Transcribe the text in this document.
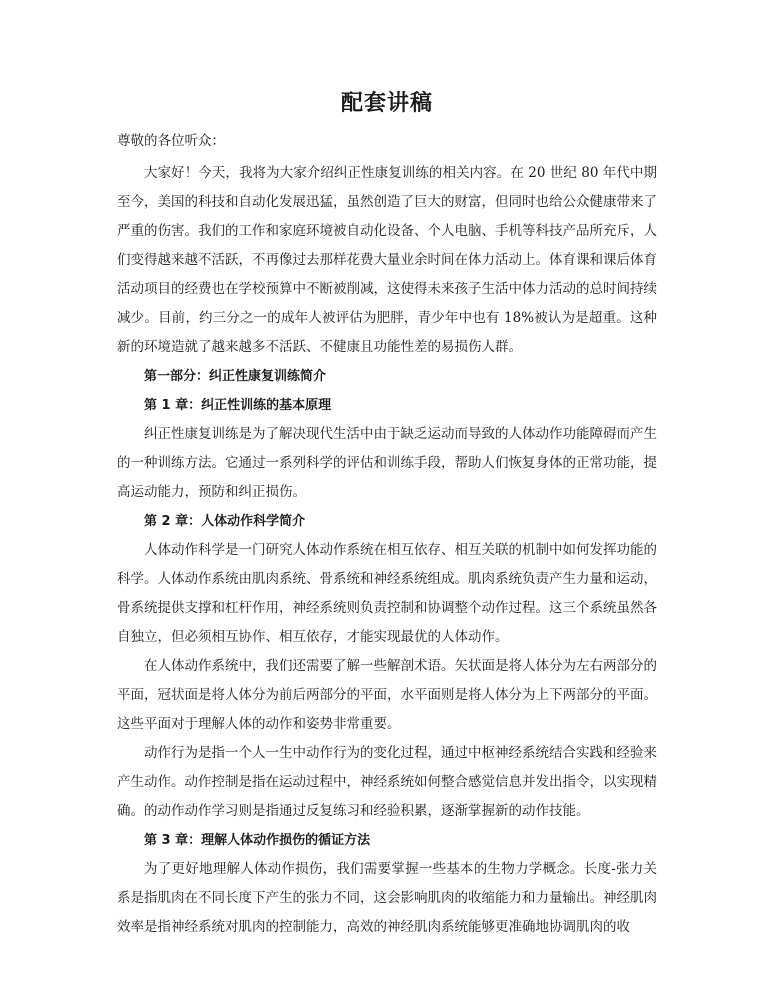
配套讲稿

尊敬的各位听众：

大家好！今天，我将为大家介绍纠正性康复训练的相关内容。在 20 世纪 80 年代中期至今，美国的科技和自动化发展迅猛，虽然创造了巨大的财富，但同时也给公众健康带来了严重的伤害。我们的工作和家庭环境被自动化设备、个人电脑、手机等科技产品所充斥，人们变得越来越不活跃，不再像过去那样花费大量业余时间在体力活动上。体育课和课后体育活动项目的经费也在学校预算中不断被削减，这使得未来孩子生活中体力活动的总时间持续减少。目前，约三分之一的成年人被评估为肥胖，青少年中也有 18%被认为是超重。这种新的环境造就了越来越多不活跃、不健康且功能性差的易损伤人群。

第一部分：纠正性康复训练简介

第 1 章：纠正性训练的基本原理

纠正性康复训练是为了解决现代生活中由于缺乏运动而导致的人体动作功能障碍而产生的一种训练方法。它通过一系列科学的评估和训练手段，帮助人们恢复身体的正常功能，提高运动能力，预防和纠正损伤。

第 2 章：人体动作科学简介

人体动作科学是一门研究人体动作系统在相互依存、相互关联的机制中如何发挥功能的科学。人体动作系统由肌肉系统、骨系统和神经系统组成。肌肉系统负责产生力量和运动，骨系统提供支撑和杠杆作用，神经系统则负责控制和协调整个动作过程。这三个系统虽然各自独立，但必须相互协作、相互依存，才能实现最优的人体动作。

在人体动作系统中，我们还需要了解一些解剖术语。矢状面是将人体分为左右两部分的平面，冠状面是将人体分为前后两部分的平面，水平面则是将人体分为上下两部分的平面。这些平面对于理解人体的动作和姿势非常重要。

动作行为是指一个人一生中动作行为的变化过程，通过中枢神经系统结合实践和经验来产生动作。动作控制是指在运动过程中，神经系统如何整合感觉信息并发出指令，以实现精确。的动作动作学习则是指通过反复练习和经验积累，逐渐掌握新的动作技能。

第 3 章：理解人体动作损伤的循证方法

为了更好地理解人体动作损伤，我们需要掌握一些基本的生物力学概念。长度-张力关系是指肌肉在不同长度下产生的张力不同，这会影响肌肉的收缩能力和力量输出。神经肌肉效率是指神经系统对肌肉的控制能力，高效的神经肌肉系统能够更准确地协调肌肉的收
